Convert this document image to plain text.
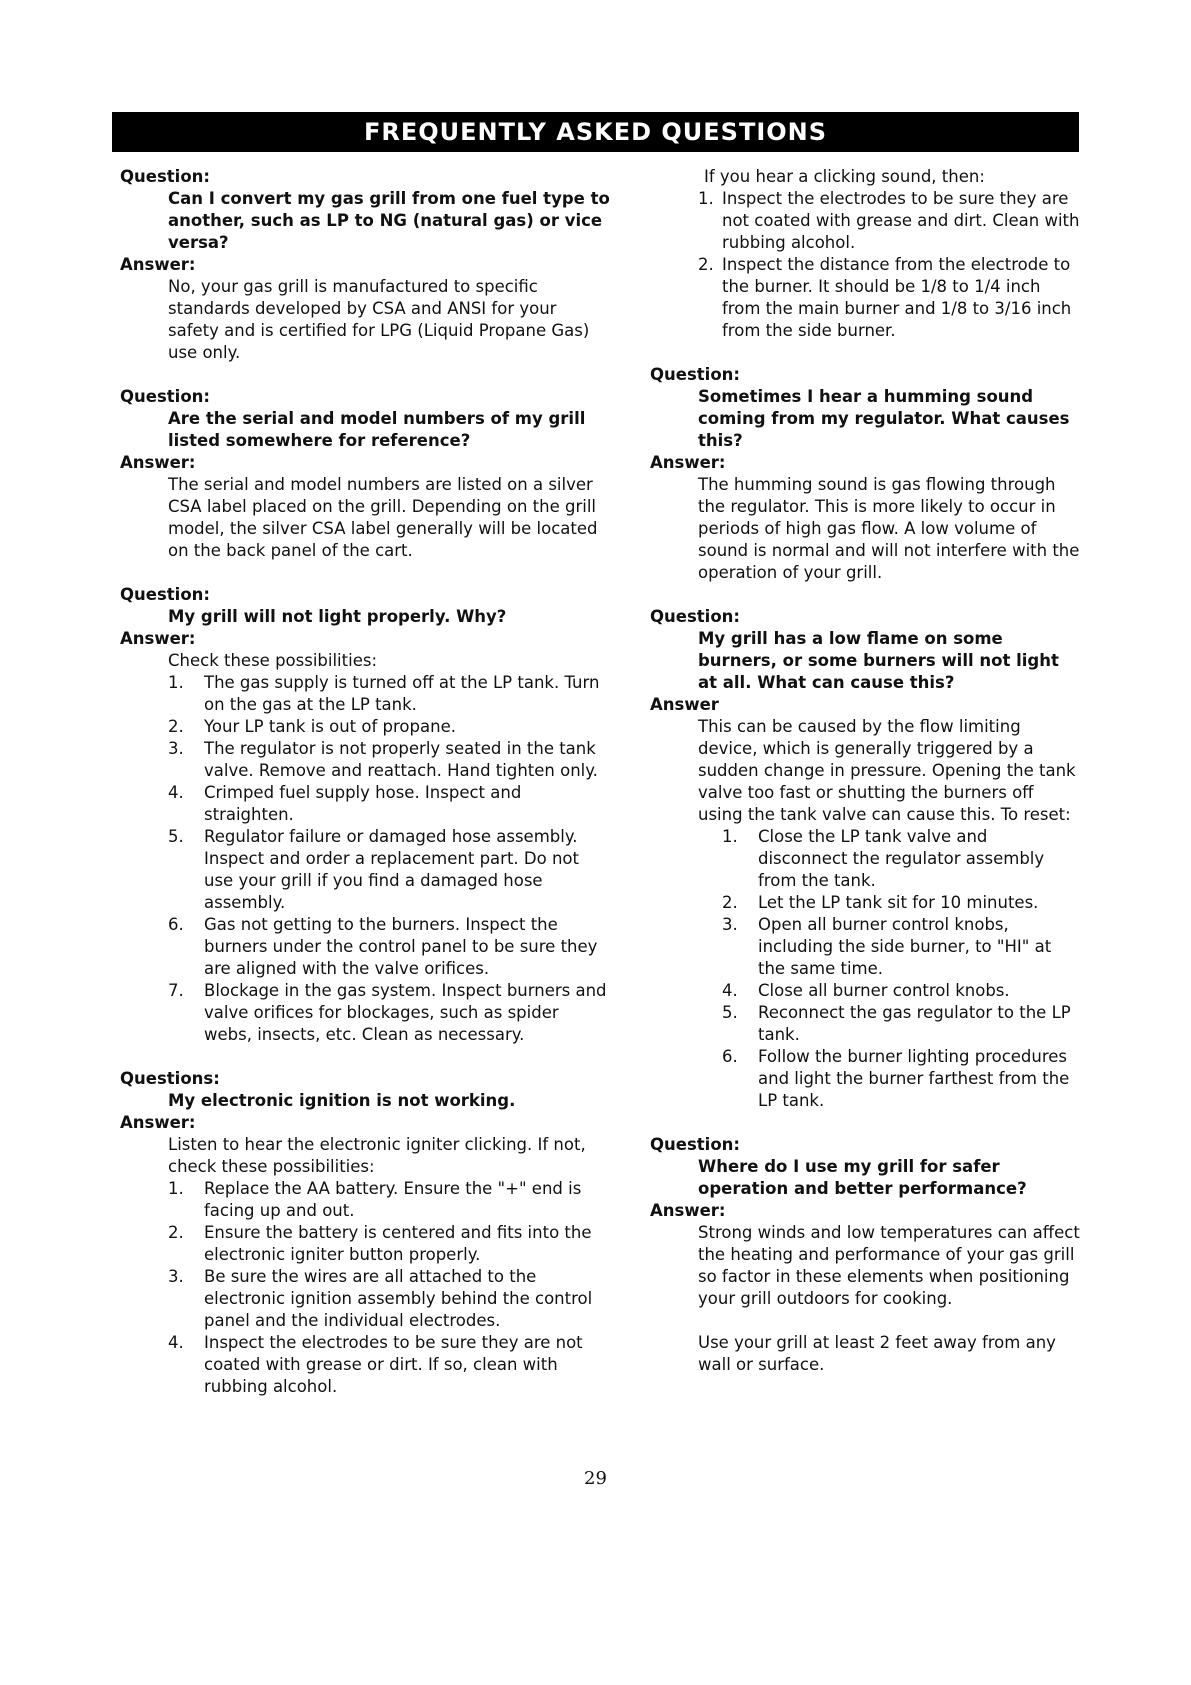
FREQUENTLY ASKED QUESTIONS
Question:
Can I convert my gas grill from one fuel type to another, such as LP to NG (natural gas) or vice versa?
Answer:
No, your gas grill is manufactured to specific standards developed by CSA and ANSI for your safety and is certified for LPG (Liquid Propane Gas) use only.
Question:
Are the serial and model numbers of my grill listed somewhere for reference?
Answer:
The serial and model numbers are listed on a silver CSA label placed on the grill. Depending on the grill model, the silver CSA label generally will be located on the back panel of the cart.
Question:
My grill will not light properly. Why?
Answer:
Check these possibilities:
1.	The gas supply is turned off at the LP tank. Turn on the gas at the LP tank.
2.	Your LP tank is out of propane.
3.	The regulator is not properly seated in the tank valve. Remove and reattach. Hand tighten only.
4.	Crimped fuel supply hose. Inspect and straighten.
5.	Regulator failure or damaged hose assembly. Inspect and order a replacement part. Do not use your grill if you find a damaged hose assembly.
6.	Gas not getting to the burners. Inspect the burners under the control panel to be sure they are aligned with the valve orifices.
7.	Blockage in the gas system. Inspect burners and valve orifices for blockages, such as spider webs, insects, etc. Clean as necessary.
Questions:
My electronic ignition is not working.
Answer:
Listen to hear the electronic igniter clicking. If not, check these possibilities:
1.	Replace the AA battery. Ensure the "+" end is facing up and out.
2.	Ensure the battery is centered and fits into the electronic igniter button properly.
3.	Be sure the wires are all attached to the electronic ignition assembly behind the control panel and the individual electrodes.
4.	Inspect the electrodes to be sure they are not coated with grease or dirt. If so, clean with rubbing alcohol.
If you hear a clicking sound, then:
1. Inspect the electrodes to be sure they are not coated with grease and dirt. Clean with rubbing alcohol.
2. Inspect the distance from the electrode to the burner. It should be 1/8 to 1/4 inch from the main burner and 1/8 to 3/16 inch from the side burner.
Question:
Sometimes I hear a humming sound coming from my regulator. What causes this?
Answer:
The humming sound is gas flowing through the regulator. This is more likely to occur in periods of high gas flow. A low volume of sound is normal and will not interfere with the operation of your grill.
Question:
My grill has a low flame on some burners, or some burners will not light at all. What can cause this?
Answer
This can be caused by the flow limiting device, which is generally triggered by a sudden change in pressure. Opening the tank valve too fast or shutting the burners off using the tank valve can cause this. To reset:
1.	Close the LP tank valve and disconnect the regulator assembly from the tank.
2.	Let the LP tank sit for 10 minutes.
3.	Open all burner control knobs, including the side burner, to "HI" at the same time.
4.	Close all burner control knobs.
5.	Reconnect the gas regulator to the LP tank.
6.	Follow the burner lighting procedures and light the burner farthest from the LP tank.
Question:
Where do I use my grill for safer operation and better performance?
Answer:
Strong winds and low temperatures can affect the heating and performance of your gas grill so factor in these elements when positioning your grill outdoors for cooking.
Use your grill at least 2 feet away from any wall or surface.
29
